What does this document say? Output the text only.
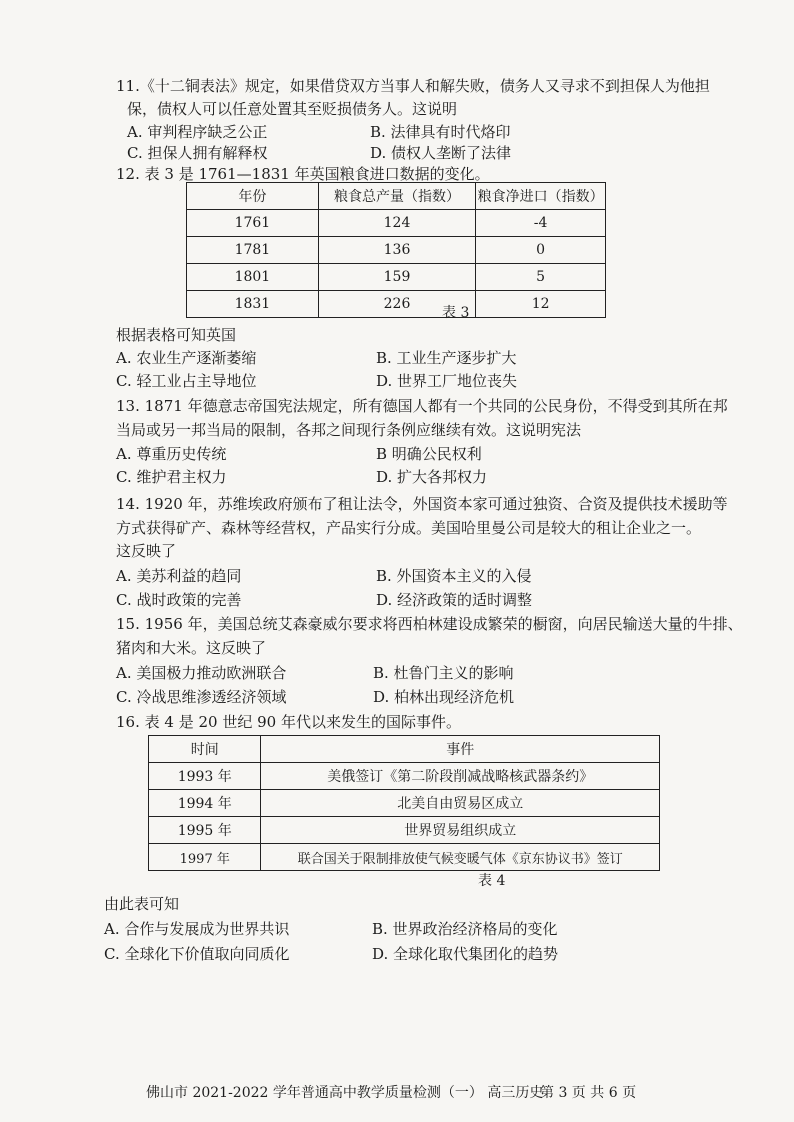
11.《十二铜表法》规定，如果借贷双方当事人和解失败，债务人又寻求不到担保人为他担
保，债权人可以任意处置其至贬损债务人。这说明
A. 审判程序缺乏公正	B. 法律具有时代烙印
C. 担保人拥有解释权	D. 债权人垄断了法律
12. 表 3 是 1761—1831 年英国粮食进口数据的变化。
年份	粮食总产量（指数）	粮食净进口（指数）
1761	124	-4
1781	136	0
1801	159	5
1831	226	12
表 3
根据表格可知英国
A. 农业生产逐渐萎缩	B. 工业生产逐步扩大
C. 轻工业占主导地位	D. 世界工厂地位丧失
13. 1871 年德意志帝国宪法规定，所有德国人都有一个共同的公民身份，不得受到其所在邦
当局或另一邦当局的限制，各邦之间现行条例应继续有效。这说明宪法
A. 尊重历史传统	B 明确公民权利
C. 维护君主权力	D. 扩大各邦权力
14. 1920 年，苏维埃政府颁布了租让法令，外国资本家可通过独资、合资及提供技术援助等
方式获得矿产、森林等经营权，产品实行分成。美国哈里曼公司是较大的租让企业之一。
这反映了
A. 美苏利益的趋同	B. 外国资本主义的入侵
C. 战时政策的完善	D. 经济政策的适时调整
15. 1956 年，美国总统艾森豪威尔要求将西柏林建设成繁荣的橱窗，向居民输送大量的牛排、
猪肉和大米。这反映了
A. 美国极力推动欧洲联合	B. 杜鲁门主义的影响
C. 冷战思维渗透经济领域	D. 柏林出现经济危机
16. 表 4 是 20 世纪 90 年代以来发生的国际事件。
时间	事件
1993 年	美俄签订《第二阶段削减战略核武器条约》
1994 年	北美自由贸易区成立
1995 年	世界贸易组织成立
1997 年	联合国关于限制排放使气候变暖气体《京东协议书》签订
表 4
由此表可知
A. 合作与发展成为世界共识	B. 世界政治经济格局的变化
C. 全球化下价值取向同质化	D. 全球化取代集团化的趋势
佛山市 2021-2022 学年普通高中教学质量检测（一） 高三历史
第 3 页 共 6 页
